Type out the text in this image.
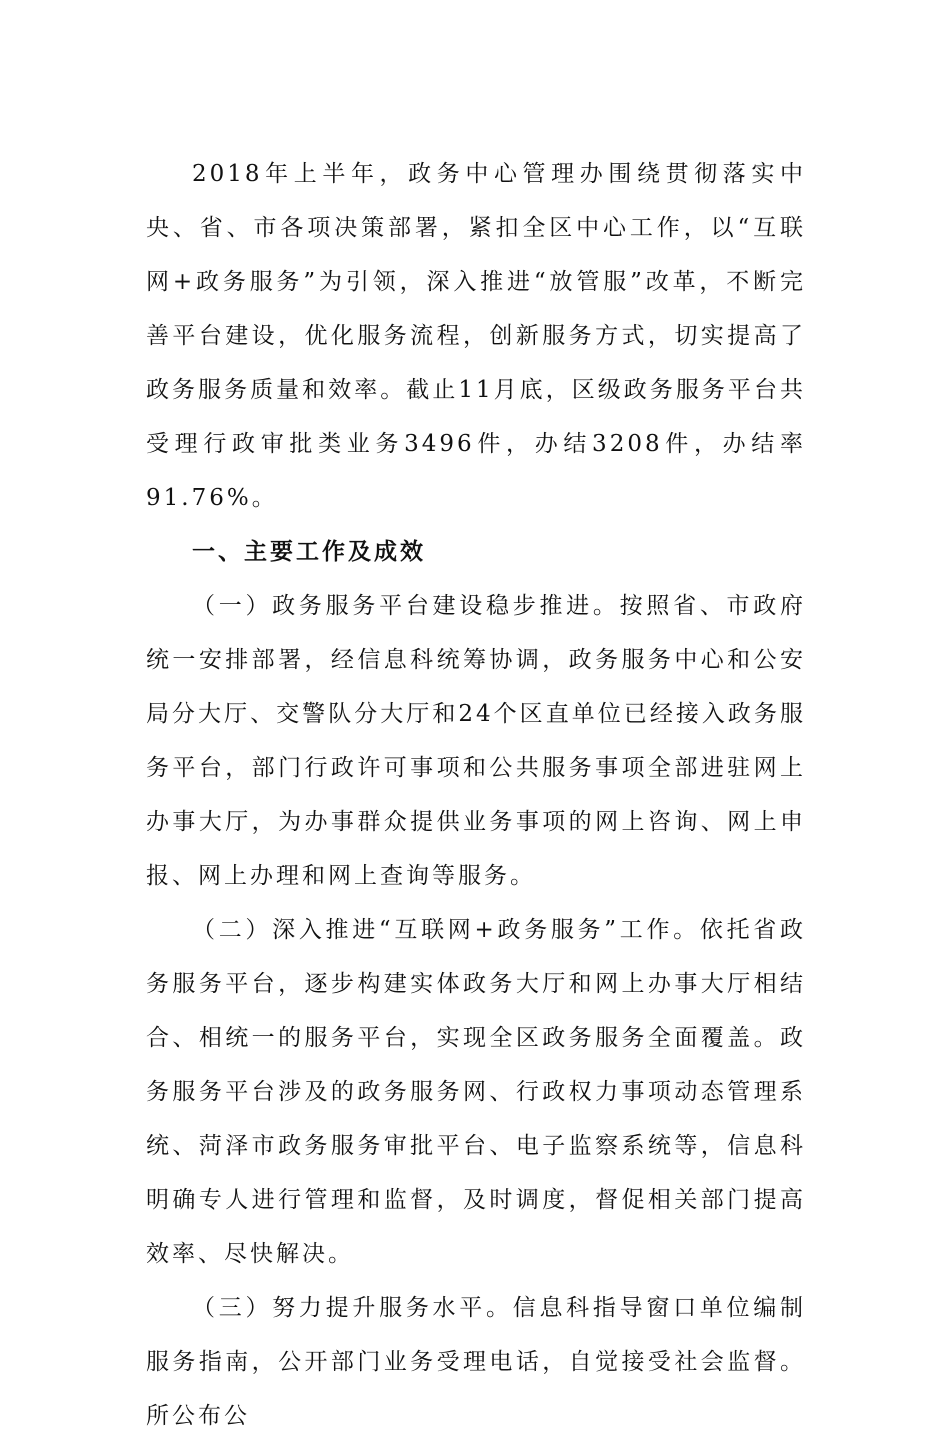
2018年上半年，政务中心管理办围绕贯彻落实中央、省、市各项决策部署，紧扣全区中心工作，以“互联网+政务服务”为引领，深入推进“放管服”改革，不断完善平台建设，优化服务流程，创新服务方式，切实提高了政务服务质量和效率。截止11月底，区级政务服务平台共受理行政审批类业务3496件，办结3208件，办结率91.76%。

一、主要工作及成效

（一）政务服务平台建设稳步推进。按照省、市政府统一安排部署，经信息科统筹协调，政务服务中心和公安局分大厅、交警队分大厅和24个区直单位已经接入政务服务平台，部门行政许可事项和公共服务事项全部进驻网上办事大厅，为办事群众提供业务事项的网上咨询、网上申报、网上办理和网上查询等服务。

（二）深入推进“互联网+政务服务”工作。依托省政务服务平台，逐步构建实体政务大厅和网上办事大厅相结合、相统一的服务平台，实现全区政务服务全面覆盖。政务服务平台涉及的政务服务网、行政权力事项动态管理系统、菏泽市政务服务审批平台、电子监察系统等，信息科明确专人进行管理和监督，及时调度，督促相关部门提高效率、尽快解决。

（三）努力提升服务水平。信息科指导窗口单位编制服务指南，公开部门业务受理电话，自觉接受社会监督。所公布公
